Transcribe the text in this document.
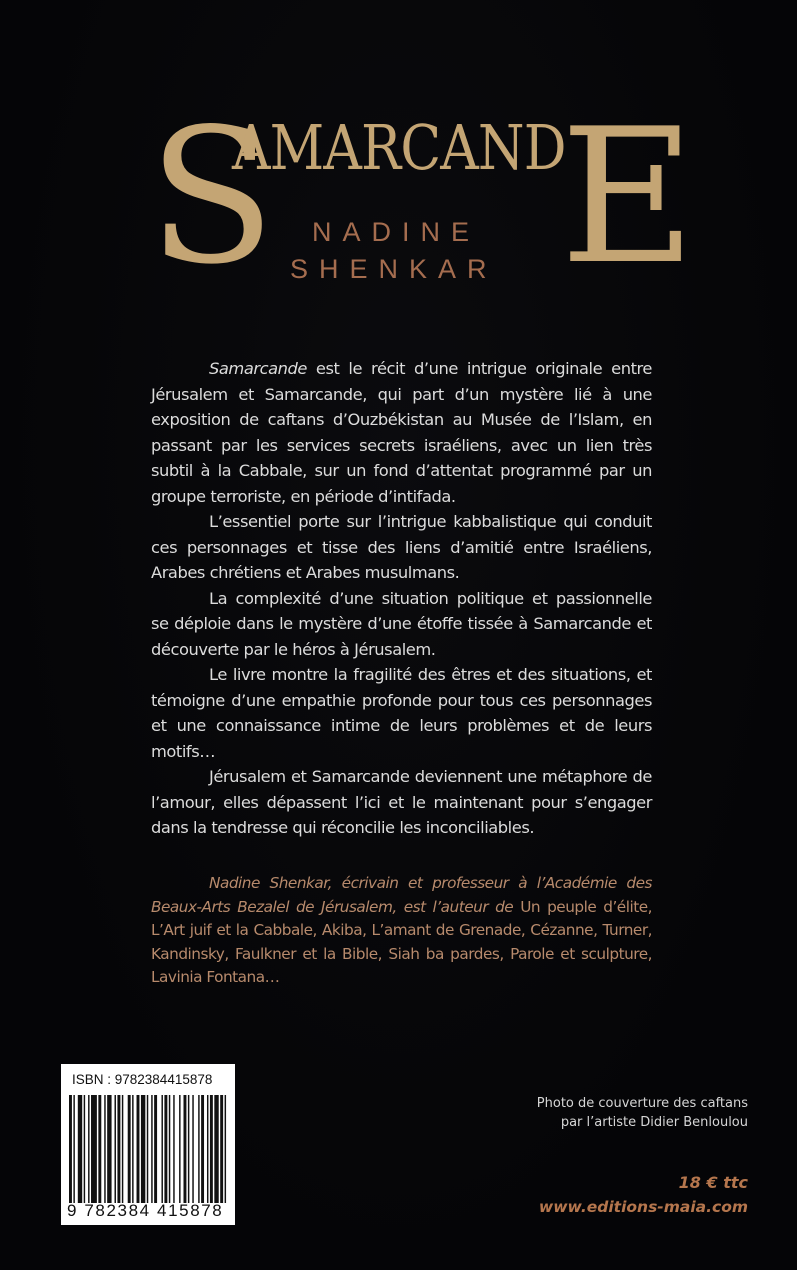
S
AMARCAND
E
NADINE
SHENKAR

Samarcande est le récit d’une intrigue originale entre Jérusalem et Samarcande, qui part d’un mystère lié à une exposition de caftans d’Ouzbékistan au Musée de l’Islam, en passant par les services secrets israéliens, avec un lien très subtil à la Cabbale, sur un fond d’attentat programmé par un groupe terroriste, en période d’intifada.

L’essentiel porte sur l’intrigue kabbalistique qui conduit ces personnages et tisse des liens d’amitié entre Israéliens, Arabes chrétiens et Arabes musulmans.

La complexité d’une situation politique et passionnelle se déploie dans le mystère d’une étoffe tissée à Samarcande et découverte par le héros à Jérusalem.

Le livre montre la fragilité des êtres et des situations, et témoigne d’une empathie profonde pour tous ces personnages et une connaissance intime de leurs problèmes et de leurs motifs…

Jérusalem et Samarcande deviennent une métaphore de l’amour, elles dépassent l’ici et le maintenant pour s’engager dans la tendresse qui réconcilie les inconciliables.

Nadine Shenkar, écrivain et professeur à l’Académie des Beaux-Arts Bezalel de Jérusalem, est l’auteur de Un peuple d’élite, L’Art juif et la Cabbale, Akiba, L’amant de Grenade, Cézanne, Turner, Kandinsky, Faulkner et la Bible, Siah ba pardes, Parole et sculpture, Lavinia Fontana…
ISBN : 9782384415878
9 782384 415878
Photo de couverture des caftans
par l’artiste Didier Benloulou
18 € ttc
www.editions-maia.com
